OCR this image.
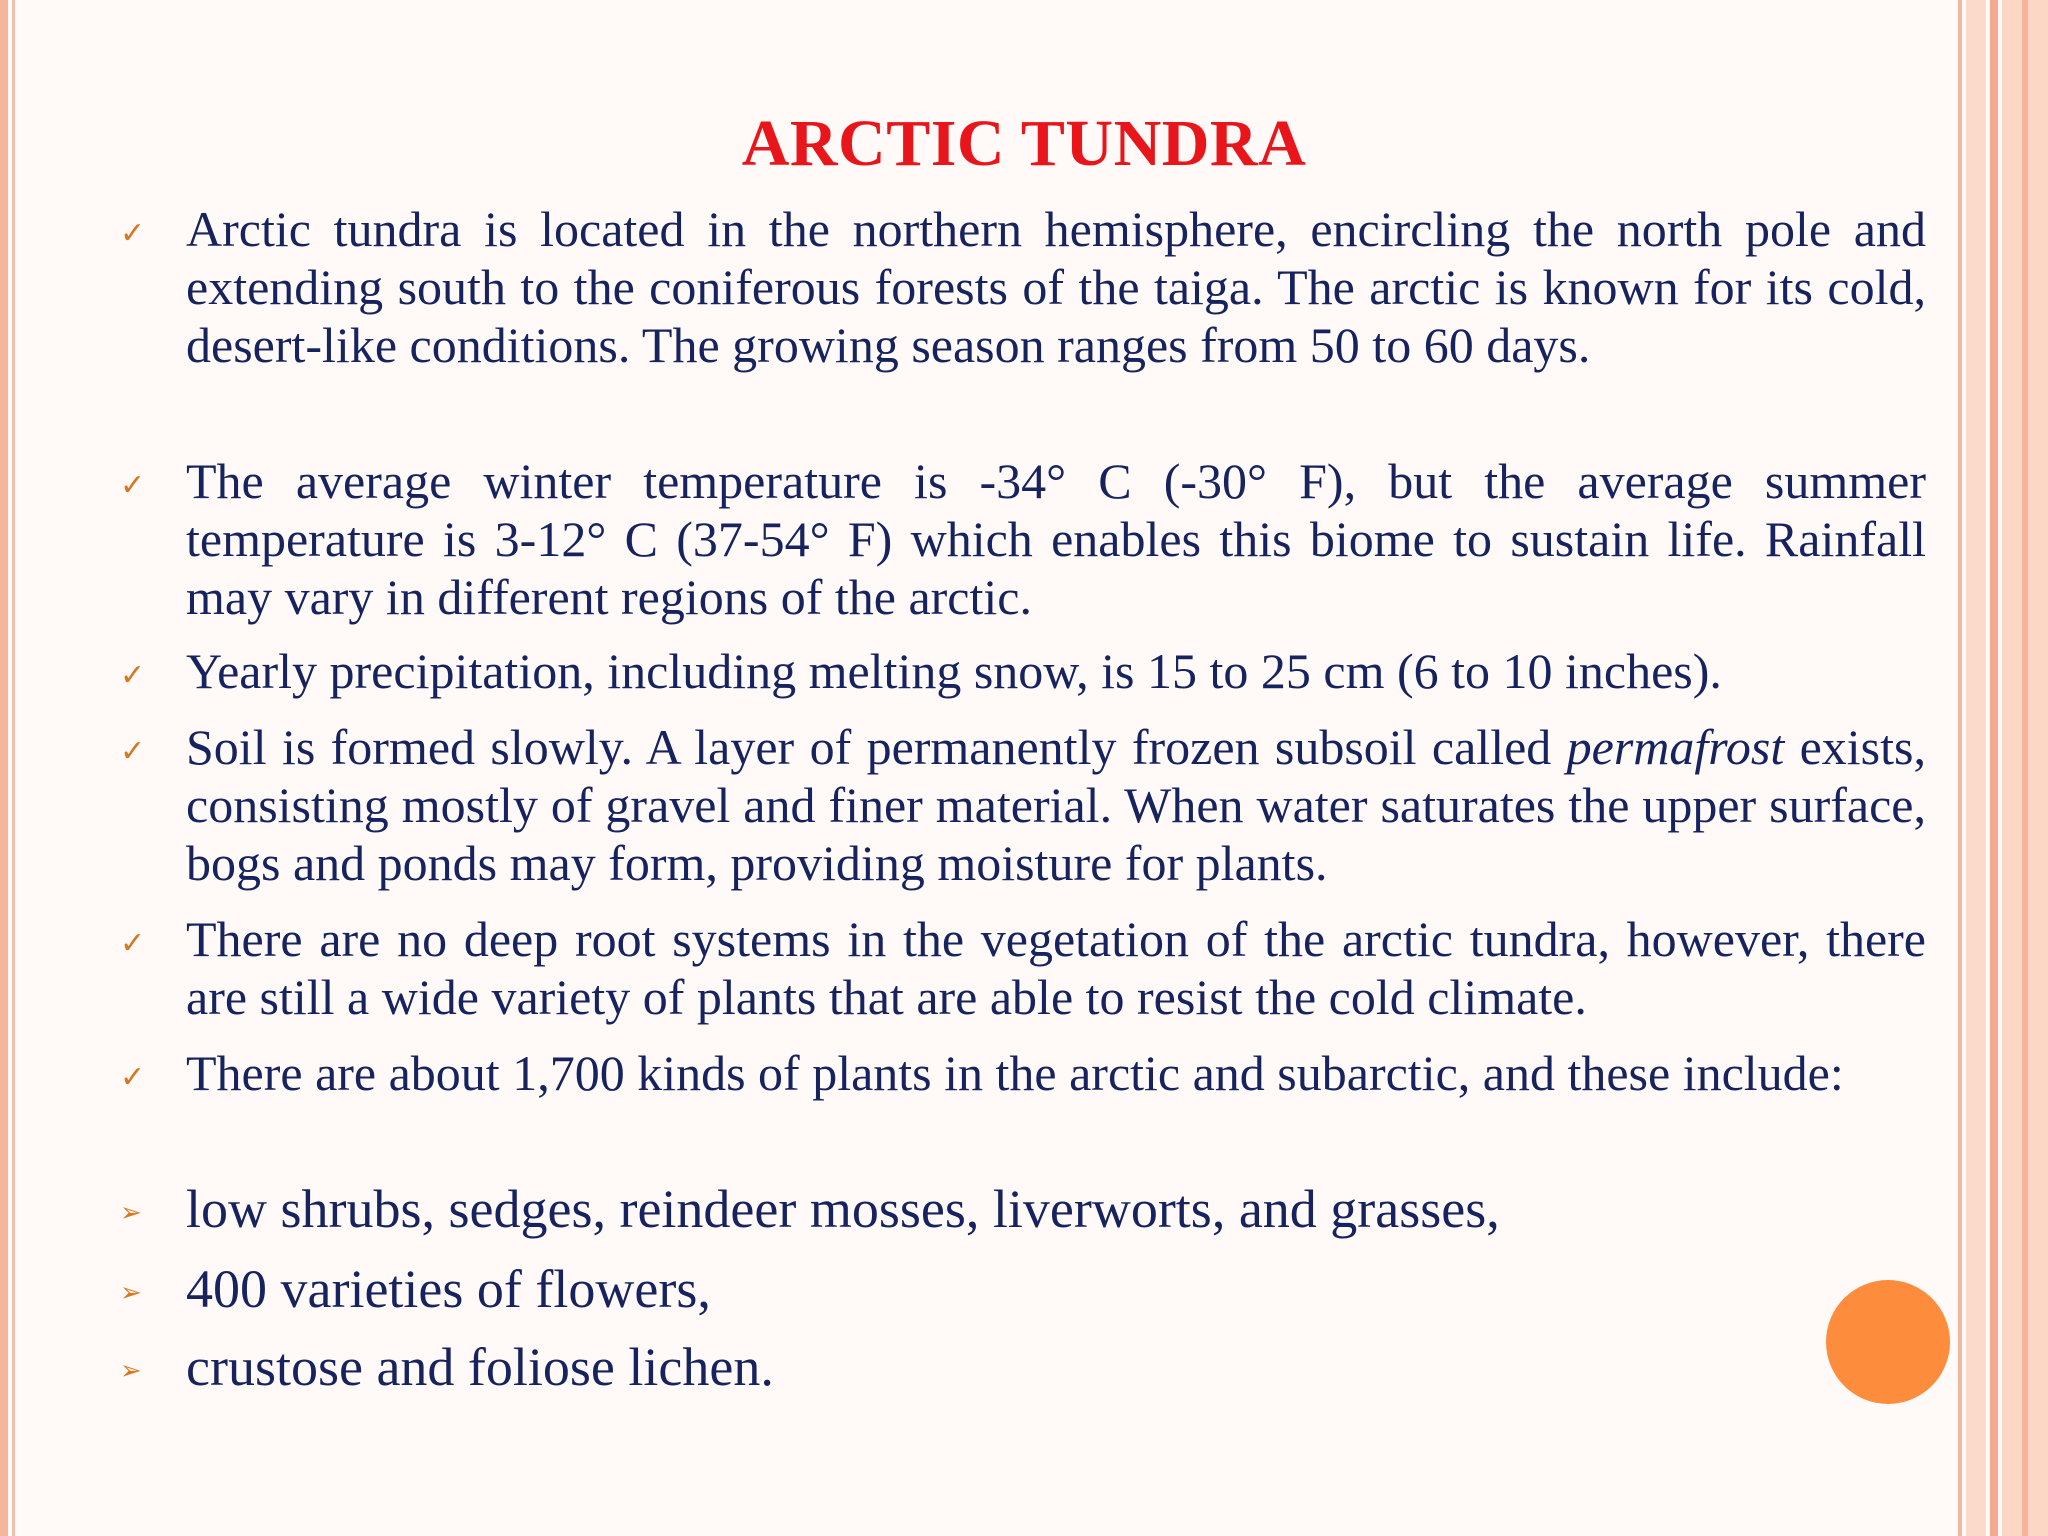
ARCTIC TUNDRA
✓ Arctic tundra is located in the northern hemisphere, encircling the north pole and extending south to the coniferous forests of the taiga. The arctic is known for its cold, desert-like conditions. The growing season ranges from 50 to 60 days.
✓ The average winter temperature is -34° C (-30° F), but the average summer temperature is 3-12° C (37-54° F) which enables this biome to sustain life. Rainfall may vary in different regions of the arctic.
✓ Yearly precipitation, including melting snow, is 15 to 25 cm (6 to 10 inches).
✓ Soil is formed slowly. A layer of permanently frozen subsoil called permafrost exists, consisting mostly of gravel and finer material. When water saturates the upper surface, bogs and ponds may form, providing moisture for plants.
✓ There are no deep root systems in the vegetation of the arctic tundra, however, there are still a wide variety of plants that are able to resist the cold climate.
✓ There are about 1,700 kinds of plants in the arctic and subarctic, and these include:
➢ low shrubs, sedges, reindeer mosses, liverworts, and grasses,
➢ 400 varieties of flowers,
➢ crustose and foliose lichen.
